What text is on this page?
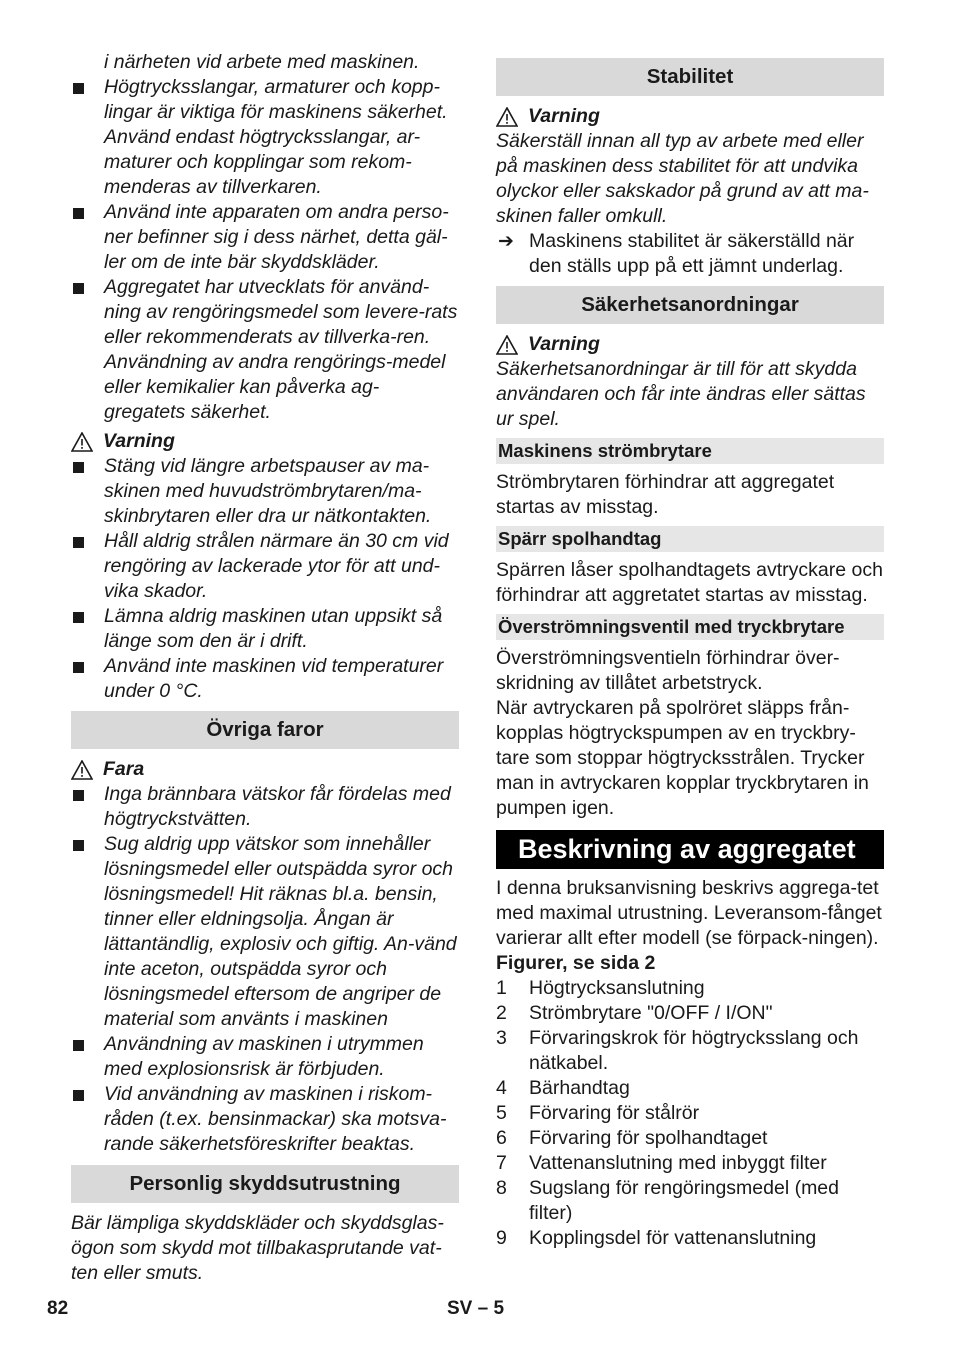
i närheten vid arbete med maskinen.
Högtrycksslangar, armaturer och kopp-lingar är viktiga för maskinens säkerhet. Använd endast högtrycksslangar, ar-maturer och kopplingar som rekom-menderas av tillverkaren.
Använd inte apparaten om andra perso-ner befinner sig i dess närhet, detta gäl-ler om de inte bär skyddskläder.
Aggregatet har utvecklats för använd-ning av rengöringsmedel som levere-rats eller rekommenderats av tillverka-ren. Användning av andra rengörings-medel eller kemikalier kan påverka ag-gregatets säkerhet.
Varning
Stäng vid längre arbetspauser av ma-skinen med huvudströmbrytaren/ma-skinbrytaren eller dra ur nätkontakten.
Håll aldrig strålen närmare än 30 cm vid rengöring av lackerade ytor för att und-vika skador.
Lämna aldrig maskinen utan uppsikt så länge som den är i drift.
Använd inte maskinen vid temperaturer under 0 °C.
Övriga faror
Fara
Inga brännbara vätskor får fördelas med högtryckstvätten.
Sug aldrig upp vätskor som innehåller lösningsmedel eller outspädda syror och lösningsmedel! Hit räknas bl.a. bensin, tinner eller eldningsolja. Ångan är lättantändlig, explosiv och giftig. An-vänd inte aceton, outspädda syror och lösningsmedel eftersom de angriper de material som använts i maskinen
Användning av maskinen i utrymmen med explosionsrisk är förbjuden.
Vid användning av maskinen i riskom-råden (t.ex. bensinmackar) ska motsva-rande säkerhetsföreskrifter beaktas.
Personlig skyddsutrustning
Bär lämpliga skyddskläder och skyddsglas-ögon som skydd mot tillbakasprutande vat-ten eller smuts.
Stabilitet
Varning
Säkerställ innan all typ av arbete med eller på maskinen dess stabilitet för att undvika olyckor eller sakskador på grund av att ma-skinen faller omkull.
➔ Maskinens stabilitet är säkerställd när den ställs upp på ett jämnt underlag.
Säkerhetsanordningar
Varning
Säkerhetsanordningar är till för att skydda användaren och får inte ändras eller sättas ur spel.
Maskinens strömbrytare
Strömbrytaren förhindrar att aggregatet startas av misstag.
Spärr spolhandtag
Spärren låser spolhandtagets avtryckare och förhindrar att aggretatet startas av misstag.
Överströmningsventil med tryckbrytare
Överströmningsventieln förhindrar över-skridning av tillåtet arbetstryck.
När avtryckaren på spolröret släpps från-kopplas högtryckspumpen av en tryckbry-tare som stoppar högtrycksstrålen. Trycker man in avtryckaren kopplar tryckbrytaren in pumpen igen.
Beskrivning av aggregatet
I denna bruksanvisning beskrivs aggrega-tet med maximal utrustning. Leveransom-fånget varierar allt efter modell (se förpack-ningen).
Figurer, se sida 2
1 Högtrycksanslutning
2 Strömbrytare "0/OFF / I/ON"
3 Förvaringskrok för högtrycksslang och nätkabel.
4 Bärhandtag
5 Förvaring för stålrör
6 Förvaring för spolhandtaget
7 Vattenanslutning med inbyggt filter
8 Sugslang för rengöringsmedel (med filter)
9 Kopplingsdel för vattenanslutning
82	SV – 5
